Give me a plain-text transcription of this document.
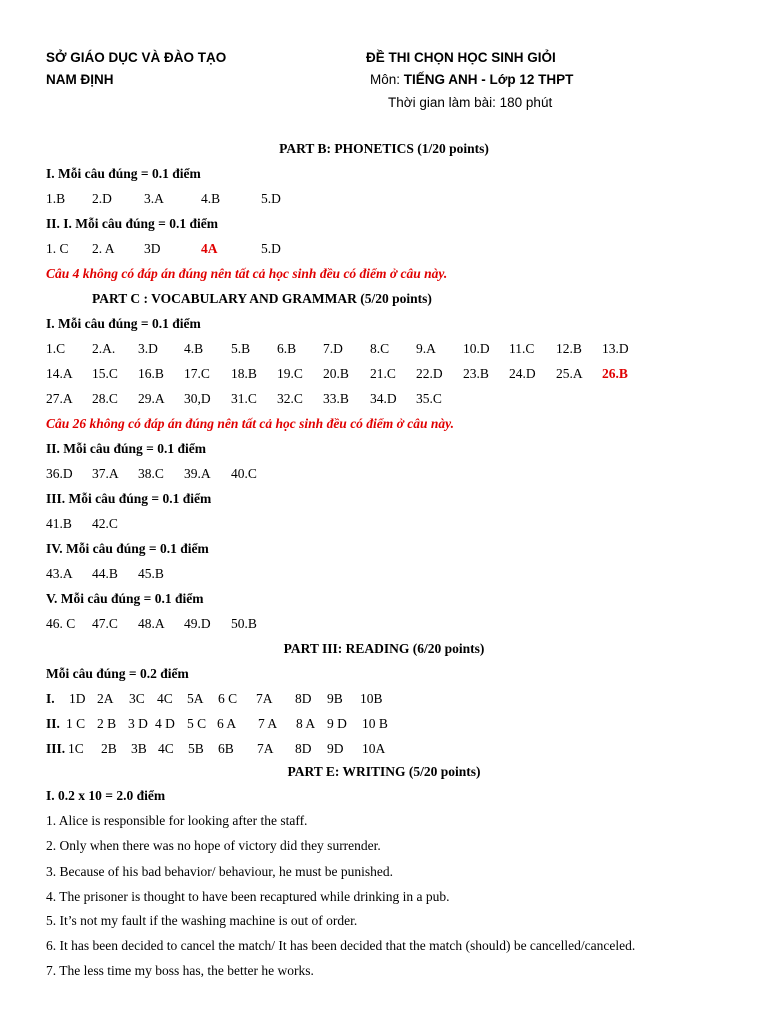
SỞ GIÁO DỤC VÀ ĐÀO TẠO
NAM ĐỊNH
ĐỀ THI CHỌN HỌC SINH GIỎI
Môn: TIẾNG ANH - Lớp 12 THPT
Thời gian làm bài: 180 phút
PART B: PHONETICS (1/20 points)
I. Mỗi câu đúng = 0.1 điểm
1.B 2.D 3.A	4.B	5.D
II. I. Mỗi câu đúng = 0.1 điểm
1. C 2. A 3D	4A	5.D
Câu 4 không có đáp án đúng nên tất cả học sinh đều có điểm ở câu này.
PART C : VOCABULARY AND GRAMMAR (5/20 points)
I. Mỗi câu đúng = 0.1 điểm
1.C 2.A. 3.D 4.B 5.B 6.B 7.D 8.C 9.A 10.D 11.C 12.B 13.D
14.A 15.C 16.B 17.C 18.B 19.C 20.B 21.C 22.D 23.B 24.D 25.A 26.B
27.A 28.C 29.A 30,D 31.C 32.C 33.B 34.D 35.C
Câu 26 không có đáp án đúng nên tất cả học sinh đều có điểm ở câu này.
II. Mỗi câu đúng = 0.1 điểm
36.D 37.A 38.C 39.A 40.C
III. Mỗi câu đúng = 0.1 điểm
41.B 42.C
IV. Mỗi câu đúng = 0.1 điểm
43.A 44.B 45.B
V. Mỗi câu đúng = 0.1 điểm
46. C 47.C 48.A 49.D 50.B
PART III: READING (6/20 points)
Mỗi câu đúng = 0.2 điểm
I. 1D 2A 3C 4C 5A 6 C 7A 8D 9B 10B
II. 1 C 2 B 3 D 4 D 5 C 6 A 7 A 8 A 9 D 10 B
III. 1C 2B 3B 4C 5B 6B 7A 8D 9D 10A
PART E: WRITING (5/20 points)
I. 0.2 x 10 = 2.0 điểm
1. Alice is responsible for looking after the staff.
2. Only when there was no hope of victory did they surrender.
3. Because of his bad behavior/ behaviour, he must be punished.
4. The prisoner is thought to have been recaptured while drinking in a pub.
5. It’s not my fault if the washing machine is out of order.
6. It has been decided to cancel the match/ It has been decided that the match (should) be cancelled/canceled.
7. The less time my boss has, the better he works.
